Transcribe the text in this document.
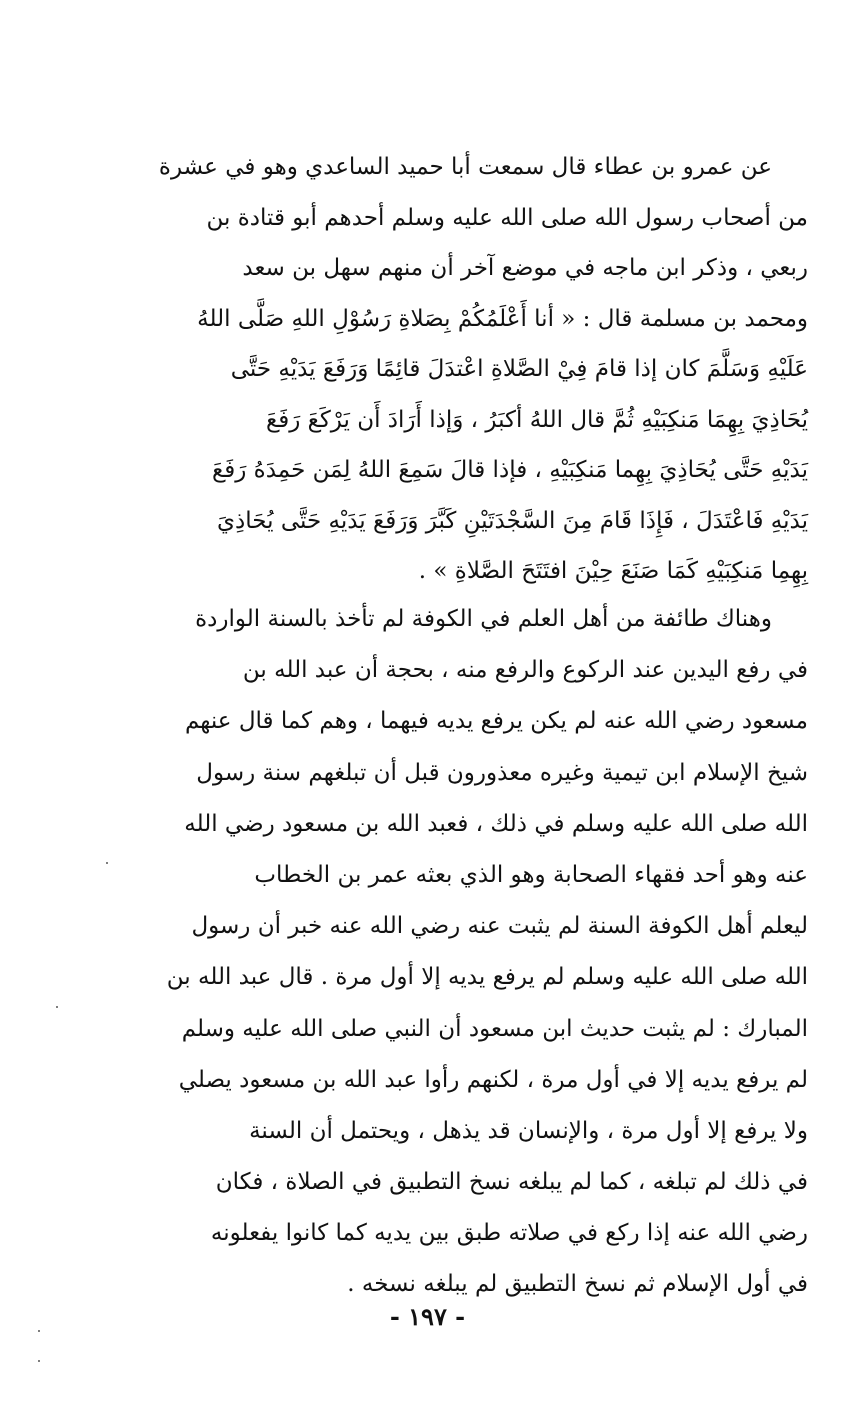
عن عمرو بن عطاء قال سمعت أبا حميد الساعدي وهو في عشرة
من أصحاب رسول الله صلى الله عليه وسلم أحدهم أبو قتادة بن
ربعي ، وذكر ابن ماجه في موضع آخر أن منهم سهل بن سعد
ومحمد بن مسلمة قال : « أنا أَعْلَمُكُمْ بِصَلاةِ رَسُوْلِ اللهِ صَلَّى اللهُ
عَلَيْهِ وَسَلَّمَ كان إذا قامَ فِيْ الصَّلاةِ اعْتدَلَ قائِمًا وَرَفَعَ يَدَيْهِ حَتَّى
يُحَاذِيَ بِهِمَا مَنكِبَيْهِ ثُمَّ قال اللهُ أكبَرُ ، وَإذا أَرَادَ أَن يَرْكَعَ رَفَعَ
يَدَيْهِ حَتَّى يُحَاذِيَ بِهِما مَنكِبَيْهِ ، فإذا قالَ سَمِعَ اللهُ لِمَن حَمِدَهُ رَفَعَ
يَدَيْهِ فَاعْتَدَلَ ، فَإِذَا قَامَ مِنَ السَّجْدَتَيْنِ كَبَّرَ وَرَفَعَ يَدَيْهِ حَتَّى يُحَاذِيَ
بِهِمِا مَنكِبَيْهِ كَمَا صَنَعَ حِيْنَ افتَتَحَ الصَّلاةِ » .
وهناك طائفة من أهل العلم في الكوفة لم تأخذ بالسنة الواردة
في رفع اليدين عند الركوع والرفع منه ، بحجة أن عبد الله بن
مسعود رضي الله عنه لم يكن يرفع يديه فيهما ، وهم كما قال عنهم
شيخ الإسلام ابن تيمية وغيره معذورون قبل أن تبلغهم سنة رسول
الله صلى الله عليه وسلم في ذلك ، فعبد الله بن مسعود رضي الله
عنه وهو أحد فقهاء الصحابة وهو الذي بعثه عمر بن الخطاب
ليعلم أهل الكوفة السنة لم يثبت عنه رضي الله عنه خبر أن رسول
الله صلى الله عليه وسلم لم يرفع يديه إلا أول مرة . قال عبد الله بن
المبارك : لم يثبت حديث ابن مسعود أن النبي صلى الله عليه وسلم
لم يرفع يديه إلا في أول مرة ، لكنهم رأوا عبد الله بن مسعود يصلي
ولا يرفع إلا أول مرة ، والإنسان قد يذهل ، ويحتمل أن السنة
في ذلك لم تبلغه ، كما لم يبلغه نسخ التطبيق في الصلاة ، فكان
رضي الله عنه إذا ركع في صلاته طبق بين يديه كما كانوا يفعلونه
في أول الإسلام ثم نسخ التطبيق لم يبلغه نسخه .
- ١٩٧ -
